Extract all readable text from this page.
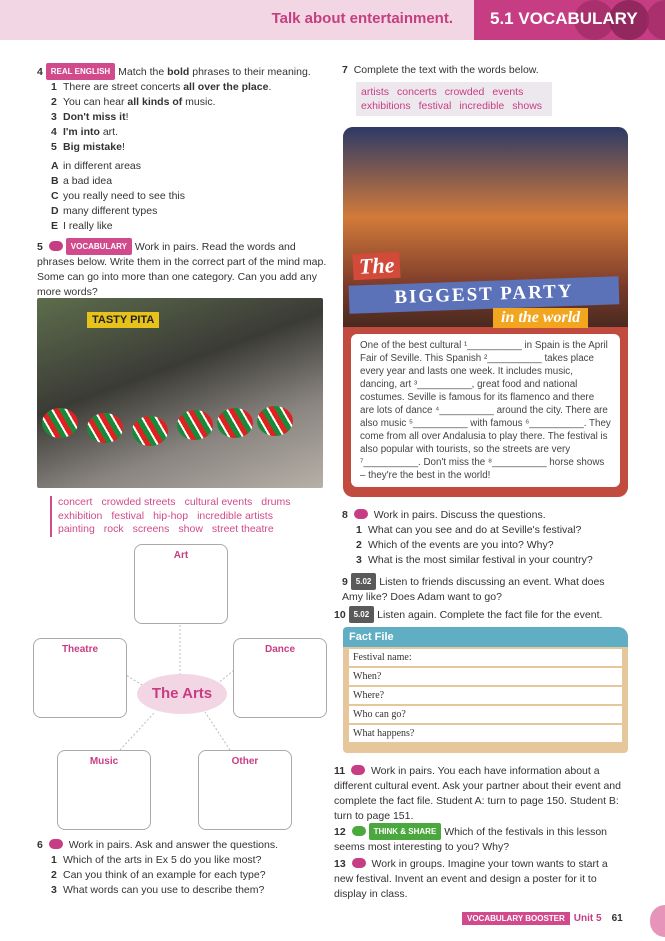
Talk about entertainment. 5.1 VOCABULARY
4 REAL ENGLISH Match the bold phrases to their meaning.
1 There are street concerts all over the place.
2 You can hear all kinds of music.
3 Don't miss it!
4 I'm into art.
5 Big mistake!
A in different areas
B a bad idea
C you really need to see this
D many different types
E I really like
5	VOCABULARY Work in pairs. Read the words and phrases below. Write them in the correct part of the mind map. Some can go into more than one category. Can you add any more words?
TASTY PITA
concert crowded streets cultural events drums
exhibition festival hip-hop incredible artists
painting rock screens show street theatre
Art
Theatre	Dance
Music	Other
The Arts
6 Work in pairs. Ask and answer the questions.
1 Which of the arts in Ex 5 do you like most?
2 Can you think of an example for each type?
3 What words can you use to describe them?
7 Complete the text with the words below.
artists concerts crowded events
exhibitions festival incredible shows
The
BIGGEST PARTY
in the world
One of the best cultural ¹__________ in Spain is the April Fair of Seville. This Spanish ²__________ takes place every year and lasts one week. It includes music, dancing, art ³__________, great food and national costumes. Seville is famous for its flamenco and there are lots of dance ⁴__________ around the city. There are also music ⁵__________ with famous ⁶__________. They come from all over Andalusia to play there. The festival is also popular with tourists, so the streets are very ⁷__________. Don't miss the ⁸__________ horse shows – they're the best in the world!
8 Work in pairs. Discuss the questions.
1 What can you see and do at Seville's festival?
2 Which of the events are you into? Why?
3 What is the most similar festival in your country?
9 5.02 Listen to friends discussing an event. What does Amy like? Does Adam want to go?
10 5.02 Listen again. Complete the fact file for the event.
Fact File
Festival name:
When?
Where?
Who can go?
What happens?
11 Work in pairs. You each have information about a different cultural event. Ask your partner about their event and complete the fact file. Student A: turn to page 150. Student B: turn to page 151.
12	THINK & SHARE Which of the festivals in this lesson seems most interesting to you? Why?
13 Work in groups. Imagine your town wants to start a new festival. Invent an event and design a poster for it to display in class.
VOCABULARY BOOSTER Unit 5 61
